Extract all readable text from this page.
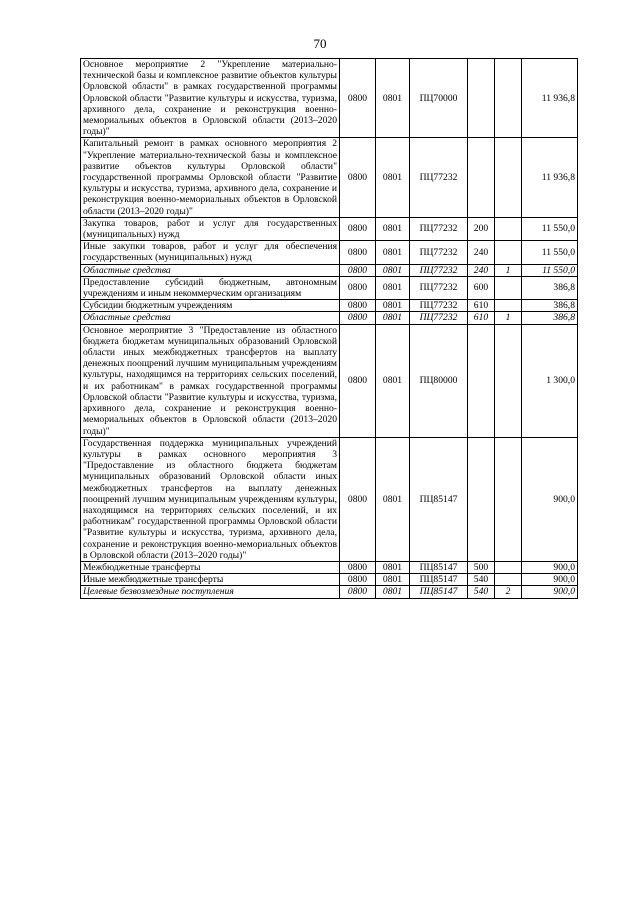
70
Основное мероприятие 2 "Укрепление материально-технической базы и комплексное развитие объектов культуры Орловской области" в рамках государственной программы Орловской области "Развитие культуры и искусства, туризма, архивного дела, сохранение и реконструкция военно-мемориальных объектов в Орловской области (2013–2020 годы)"	0800	0801	ПЦ70000			11 936,8
Капитальный ремонт в рамках основного мероприятия 2 "Укрепление материально-технической базы и комплексное развитие объектов культуры Орловской области" государственной программы Орловской области "Развитие культуры и искусства, туризма, архивного дела, сохранение и реконструкция военно-мемориальных объектов в Орловской области (2013–2020 годы)"	0800	0801	ПЦ77232			11 936,8
Закупка товаров, работ и услуг для государственных (муниципальных) нужд	0800	0801	ПЦ77232	200		11 550,0
Иные закупки товаров, работ и услуг для обеспечения государственных (муниципальных) нужд	0800	0801	ПЦ77232	240		11 550,0
Областные средства	0800	0801	ПЦ77232	240	1	11 550,0
Предоставление субсидий бюджетным, автономным учреждениям и иным некоммерческим организациям	0800	0801	ПЦ77232	600		386,8
Субсидии бюджетным учреждениям	0800	0801	ПЦ77232	610		386,8
Областные средства	0800	0801	ПЦ77232	610	1	386,8
Основное мероприятие 3 "Предоставление из областного бюджета бюджетам муниципальных образований Орловской области иных межбюджетных трансфертов на выплату денежных поощрений лучшим муниципальным учреждениям культуры, находящимся на территориях сельских поселений, и их работникам" в рамках государственной программы Орловской области "Развитие культуры и искусства, туризма, архивного дела, сохранение и реконструкция военно-мемориальных объектов в Орловской области (2013–2020 годы)"	0800	0801	ПЦ80000			1 300,0
Государственная поддержка муниципальных учреждений культуры в рамках основного мероприятия 3 "Предоставление из областного бюджета бюджетам муниципальных образований Орловской области иных межбюджетных трансфертов на выплату денежных поощрений лучшим муниципальным учреждениям культуры, находящимся на территориях сельских поселений, и их работникам" государственной программы Орловской области "Развитие культуры и искусства, туризма, архивного дела, сохранение и реконструкция военно-мемориальных объектов в Орловской области (2013–2020 годы)"	0800	0801	ПЦ85147			900,0
Межбюджетные трансферты	0800	0801	ПЦ85147	500		900,0
Иные межбюджетные трансферты	0800	0801	ПЦ85147	540		900,0
Целевые безвозмездные поступления	0800	0801	ПЦ85147	540	2	900,0
